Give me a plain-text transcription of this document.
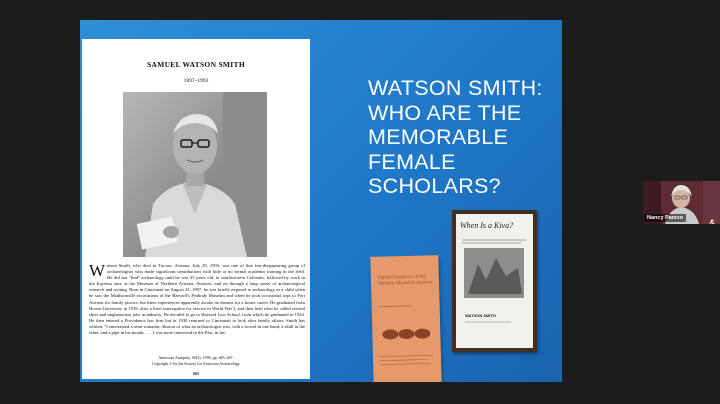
SAMUEL WATSON SMITH
1897–1993
W atson Smith, who died in Tucson, Arizona, July 29, 1993, was one of that fast-disappearing group of archaeologists who made significant contributions with little or no formal academic training in the field. He did not "find" archaeology until he was 35 years old, in southwestern Colorado, followed by work in the Kayenta area, at the Museum of Northern Arizona, Awatovi, and on through a long career of archaeological research and writing. Born in Cincinnati on August 21, 1897, he was briefly exposed to archaeology as a child when he saw the Madisonville excavations of the Harvard's Peabody Museum and when he took occasional trips to Fort Ancient for family picnics, but these experiences apparently awoke no dreams for a future career. He graduated from Brown University in 1919, after a brief interruption for service in World War I, and then held what he called several short and unglamorous jobs in industry. He decided to go to Harvard Law School, from which he graduated in 1924. He then entered a Providence law firm but in 1930 returned to Cincinnati to look after family affairs. Smith has written, "I entertained a semi-romantic illusion of what an archaeologist was, with a trowel in one hand, a skull in the other, and a pipe in his mouth. . . . I was more interested in the Past, in his-
American Antiquity, 60(4), 1995, pp. 665–667.
Copyright © by the Society for American Archaeology
665
WATSON SMITH: WHO ARE THE MEMORABLE FEMALE SCHOLARS?
Painted Ceramics of the Western Mound at Awatovi
When Is a Kiva?
WATSON SMITH
Nancy Parezo
